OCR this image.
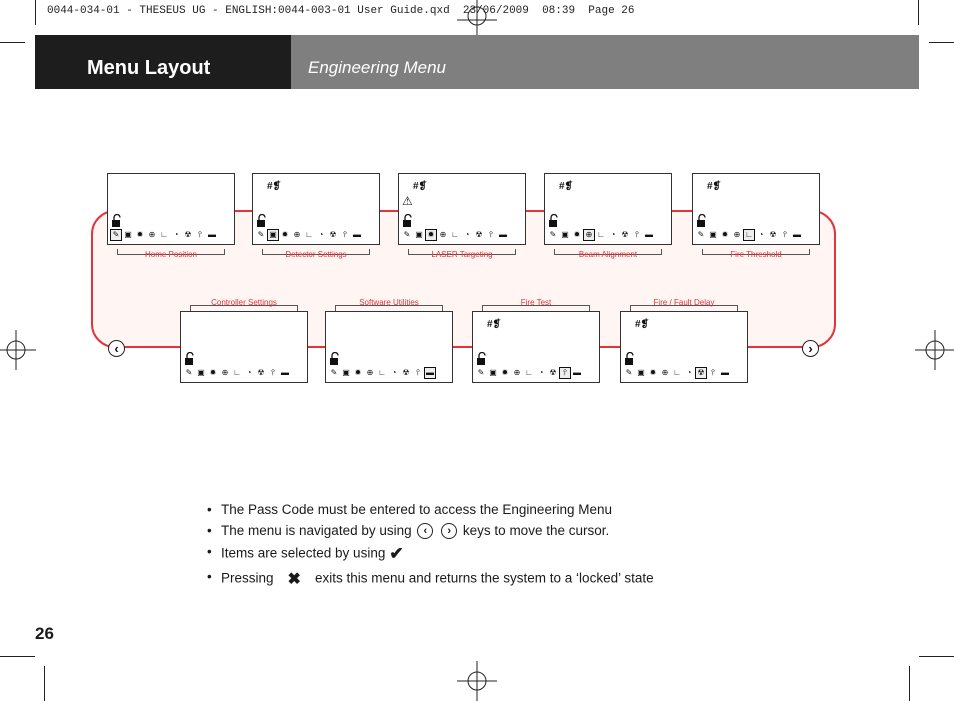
0044-034-01 - THESEUS UG - ENGLISH:0044-003-01 User Guide.qxd  23/06/2009  08:39  Page 26
Menu Layout	Engineering Menu
‹	›
✎ ▣ ✹ ⊕ ∟ ◔ ☢ ⫯ ▬
Home Position
#❡
✎ ▣ ✹ ⊕ ∟ ◔ ☢ ⫯ ▬
Detector Settings
#❡
⚠
✎ ▣ ✹ ⊕ ∟ ◔ ☢ ⫯ ▬
LASER Targeting
#❡
✎ ▣ ✹ ⊕ ∟ ◔ ☢ ⫯ ▬
Beam Alignment
#❡
✎ ▣ ✹ ⊕ ∟ ◔ ☢ ⫯ ▬
Fire Threshold
✎ ▣ ✹ ⊕ ∟ ◔ ☢ ⫯ ▬
Controller Settings
✎ ▣ ✹ ⊕ ∟ ◔ ☢ ⫯ ▬
Software Utilities
#❡
✎ ▣ ✹ ⊕ ∟ ◔ ☢ ⫯ ▬
Fire Test
#❡
✎ ▣ ✹ ⊕ ∟ ◔ ☢ ⫯ ▬
Fire / Fault Delay
• The Pass Code must be entered to access the Engineering Menu
• The menu is navigated by using ‹ › keys to move the cursor.
• Items are selected by using ✔
• Pressing ✖ exits this menu and returns the system to a ‘locked’ state
26
